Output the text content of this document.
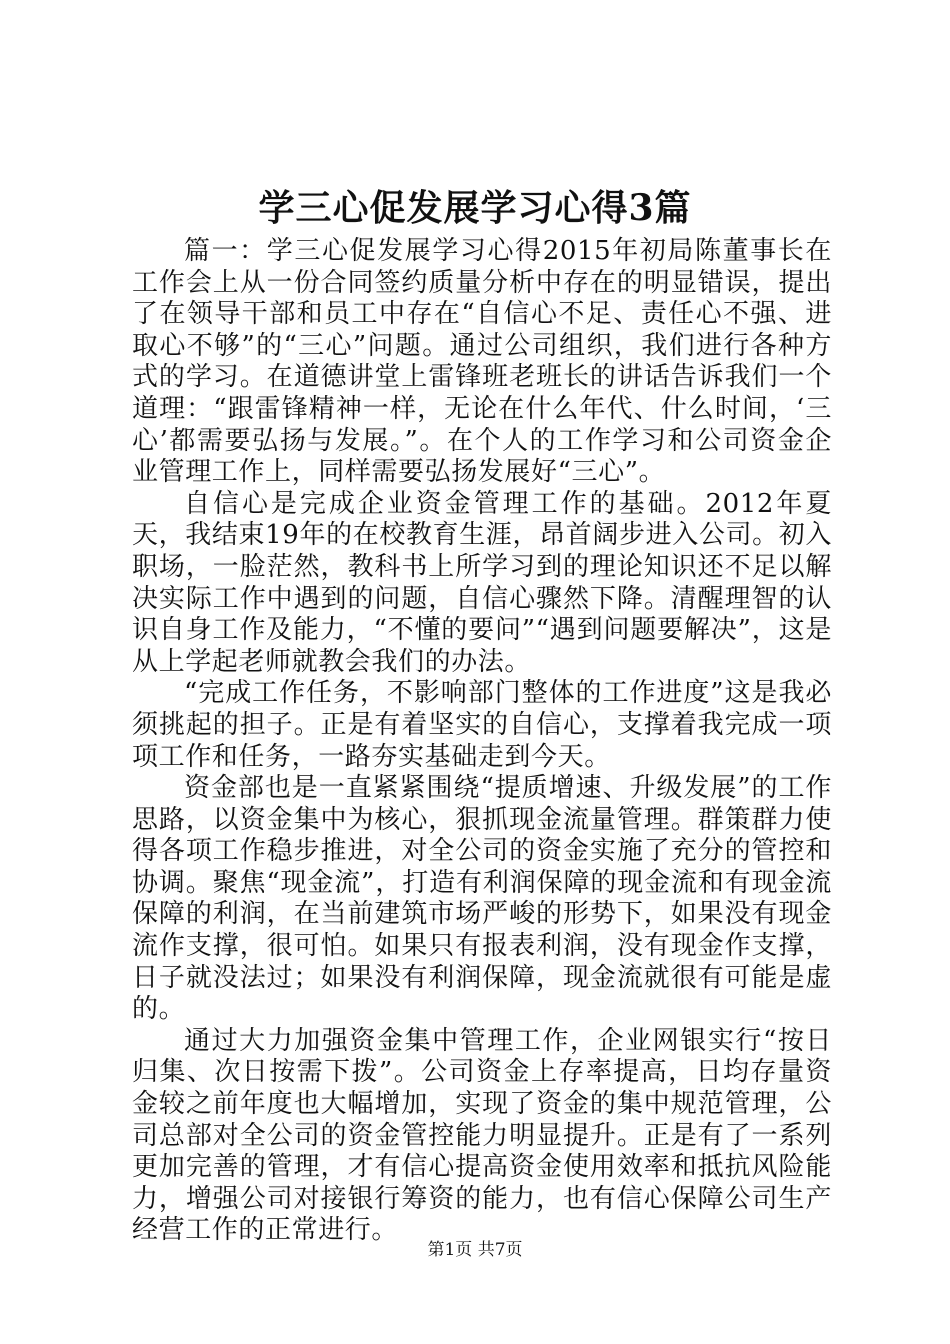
学三心促发展学习心得3篇

篇一：学三心促发展学习心得2015年初局陈董事长在工作会上从一份合同签约质量分析中存在的明显错误，提出了在领导干部和员工中存在“自信心不足、责任心不强、进取心不够”的“三心”问题。通过公司组织，我们进行各种方式的学习。在道德讲堂上雷锋班老班长的讲话告诉我们一个道理：“跟雷锋精神一样，无论在什么年代、什么时间，‘三心’都需要弘扬与发展。”。在个人的工作学习和公司资金企业管理工作上，同样需要弘扬发展好“三心”。

自信心是完成企业资金管理工作的基础。2012年夏天，我结束19年的在校教育生涯，昂首阔步进入公司。初入职场，一脸茫然，教科书上所学习到的理论知识还不足以解决实际工作中遇到的问题，自信心骤然下降。清醒理智的认识自身工作及能力，“不懂的要问”“遇到问题要解决”，这是从上学起老师就教会我们的办法。

“完成工作任务，不影响部门整体的工作进度”这是我必须挑起的担子。正是有着坚实的自信心，支撑着我完成一项项工作和任务，一路夯实基础走到今天。

资金部也是一直紧紧围绕“提质增速、升级发展”的工作思路，以资金集中为核心，狠抓现金流量管理。群策群力使得各项工作稳步推进，对全公司的资金实施了充分的管控和协调。聚焦“现金流”，打造有利润保障的现金流和有现金流保障的利润，在当前建筑市场严峻的形势下，如果没有现金流作支撑，很可怕。如果只有报表利润，没有现金作支撑，日子就没法过；如果没有利润保障，现金流就很有可能是虚的。

通过大力加强资金集中管理工作，企业网银实行“按日归集、次日按需下拨”。公司资金上存率提高，日均存量资金较之前年度也大幅增加，实现了资金的集中规范管理，公司总部对全公司的资金管控能力明显提升。正是有了一系列更加完善的管理，才有信心提高资金使用效率和抵抗风险能力，增强公司对接银行筹资的能力，也有信心保障公司生产经营工作的正常进行。

第1页 共7页
